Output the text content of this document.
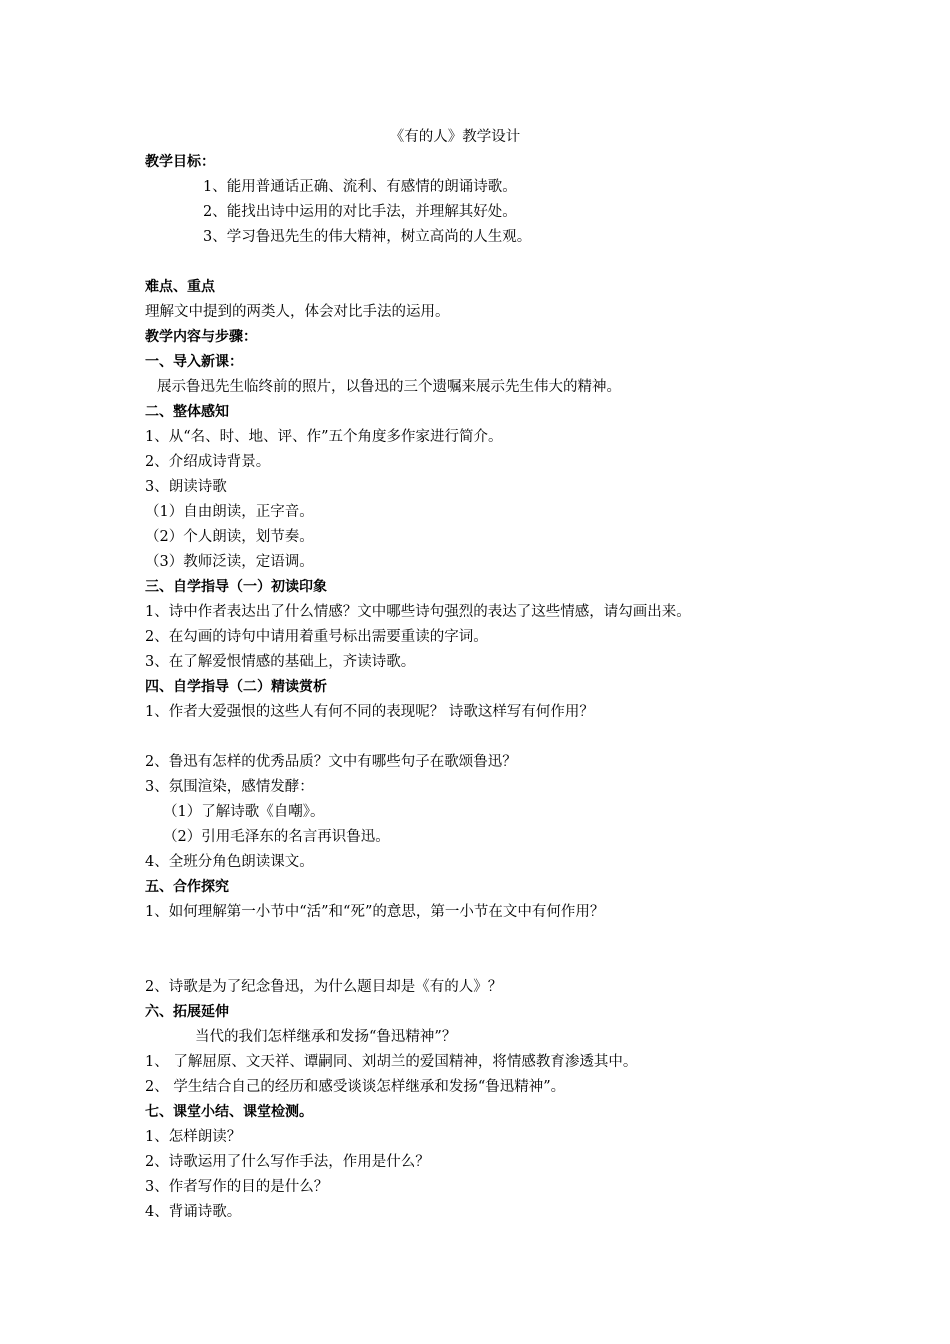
《有的人》教学设计
教学目标：
1、能用普通话正确、流利、有感情的朗诵诗歌。
2、能找出诗中运用的对比手法，并理解其好处。
3、学习鲁迅先生的伟大精神，树立高尚的人生观。
难点、重点
理解文中提到的两类人，体会对比手法的运用。
教学内容与步骤：
一、导入新课：
展示鲁迅先生临终前的照片，以鲁迅的三个遗嘱来展示先生伟大的精神。
二、整体感知
1、从“名、时、地、评、作”五个角度多作家进行简介。
2、介绍成诗背景。
3、朗读诗歌
（1）自由朗读，正字音。
（2）个人朗读，划节奏。
（3）教师泛读，定语调。
三、自学指导（一）初读印象
1、诗中作者表达出了什么情感？文中哪些诗句强烈的表达了这些情感，请勾画出来。
2、在勾画的诗句中请用着重号标出需要重读的字词。
3、在了解爱恨情感的基础上，齐读诗歌。
四、自学指导（二）精读赏析
1、作者大爱强恨的这些人有何不同的表现呢？ 诗歌这样写有何作用？
2、鲁迅有怎样的优秀品质？文中有哪些句子在歌颂鲁迅？
3、氛围渲染，感情发酵：
（1）了解诗歌《自嘲》。
（2）引用毛泽东的名言再识鲁迅。
4、全班分角色朗读课文。
五、合作探究
1、如何理解第一小节中“活”和“死”的意思，第一小节在文中有何作用？
2、诗歌是为了纪念鲁迅，为什么题目却是《有的人》？
六、拓展延伸
当代的我们怎样继承和发扬“鲁迅精神”？
1、 了解屈原、文天祥、谭嗣同、刘胡兰的爱国精神，将情感教育渗透其中。
2、 学生结合自己的经历和感受谈谈怎样继承和发扬“鲁迅精神”。
七、课堂小结、课堂检测。
1、怎样朗读？
2、诗歌运用了什么写作手法，作用是什么？
3、作者写作的目的是什么？
4、背诵诗歌。
